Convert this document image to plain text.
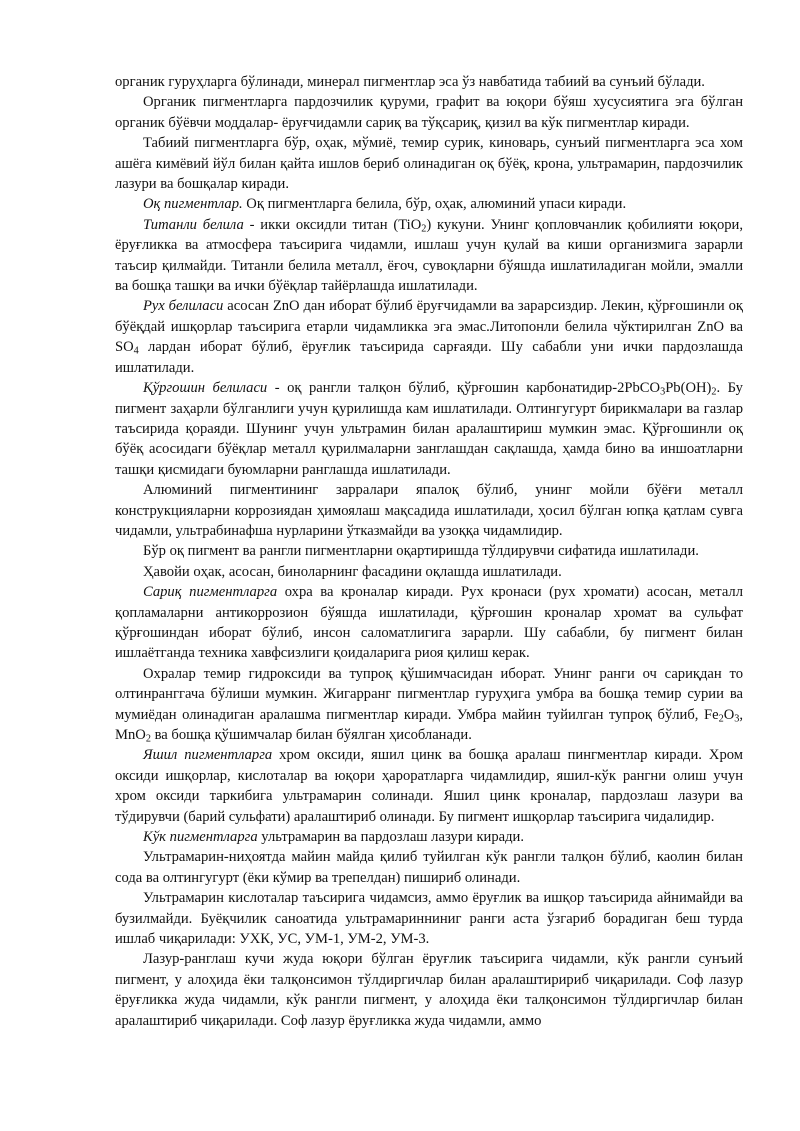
органик гуруҳларга бўлинади, минерал пигментлар эса ўз навбатида табиий ва сунъий бўлади.

Органик пигментларга пардозчилик қуруми, графит ва юқори бўяш хусусиятига эга бўлган органик бўёвчи моддалар- ёруғчидамли сариқ ва тўқсариқ, қизил ва кўк пигментлар киради.

Табиий пигментларга бўр, оҳак, мўмиё, темир сурик, киноварь, сунъий пигментларга эса хом ашёга кимёвий йўл билан қайта ишлов бериб олинадиган оқ бўёқ, крона, ультрамарин, пардозчилик лазури ва бошқалар киради.

Оқ пигментлар. Оқ пигментларга белила, бўр, оҳак, алюминий упаси киради.

Титанли белила - икки оксидли титан (TiO$_2$) кукуни. Унинг қопловчанлик қобилияти юқори, ёруғликка ва атмосфера таъсирига чидамли, ишлаш учун қулай ва киши организмига зарарли таъсир қилмайди. Титанли белила металл, ёғоч, сувоқларни бўяшда ишлатиладиган мойли, эмалли ва бошқа ташқи ва ички бўёқлар тайёрлашда ишлатилади.

Рух белиласи асосан ZnO дан иборат бўлиб ёруғчидамли ва зарарсиздир. Лекин, қўрғошинли оқ бўёқдай ишқорлар таъсирига етарли чидамликка эга эмас.Литопонли белила чўктирилган ZnO ва $SO_4$ лардан иборат бўлиб, ёруғлик таъсирида сарғаяди. Шу сабабли уни ички пардозлашда ишлатилади.

Қўргошин белиласи - оқ рангли талқон бўлиб, қўрғошин карбонатидир-$2PbCO_3Pb(OH)_2$. Бу пигмент заҳарли бўлганлиги учун қурилишда кам ишлатилади. Олтингугурт бирикмалари ва газлар таъсирида қораяди. Шунинг учун ультрамин билан аралаштириш мумкин эмас. Қўрғошинли оқ бўёқ асосидаги бўёқлар металл қурилмаларни занглашдан сақлашда, ҳамда бино ва иншоатларни ташқи қисмидаги буюмларни ранглашда ишлатилади.

Алюминий пигментининг зарралари япалоқ бўлиб, унинг мойли бўёғи металл конструкцияларни коррозиядан ҳимоялаш мақсадида ишлатилади, ҳосил бўлган юпқа қатлам сувга чидамли, ультрабинафша нурларини ўтказмайди ва узоққа чидамлидир.

Бўр оқ пигмент ва рангли пигментларни оқартиришда тўлдирувчи сифатида ишлатилади.

Ҳавойи оҳак, асосан, биноларнинг фасадини оқлашда ишлатилади.

Сариқ пигментларга охра ва кроналар киради. Рух кронаси (рух хромати) асосан, металл қопламаларни антикоррозион бўяшда ишлатилади, қўрғошин кроналар хромат ва сульфат қўрғошиндан иборат бўлиб, инсон саломатлигига зарарли. Шу сабабли, бу пигмент билан ишлаётганда техника хавфсизлиги қоидаларига риоя қилиш керак.

Охралар темир гидроксиди ва тупроқ қўшимчасидан иборат. Унинг ранги оч сариқдан то олтинранггача бўлиши мумкин. Жигарранг пигментлар гуруҳига умбра ва бошқа темир сурии ва мумиёдан олинадиган аралашма пигментлар киради. Умбра майин туйилган тупроқ бўлиб, $Fe_2O_3$, MnO$_2$ ва бошқа қўшимчалар билан бўялган ҳисобланади.

Яшил пигментларга хром оксиди, яшил цинк ва бошқа аралаш пингментлар киради. Хром оксиди ишқорлар, кислоталар ва юқори ҳароратларга чидамлидир, яшил-кўк рангни олиш учун хром оксиди таркибига ультрамарин солинади. Яшил цинк кроналар, пардозлаш лазури ва тўдирувчи (барий сульфати) аралаштириб олинади. Бу пигмент ишқорлар таъсирига чидалидир.

Кўк пигментларга ультрамарин ва пардозлаш лазури киради.

Ультрамарин-ниҳоятда майин майда қилиб туйилган кўк рангли талқон бўлиб, каолин билан сода ва олтингугурт (ёки кўмир ва трепелдан) пишириб олинади.

Ультрамарин кислоталар таъсирига чидамсиз, аммо ёруғлик ва ишқор таъсирида айнимайди ва бузилмайди. Буёқчилик саноатида ультрамаринниниг ранги аста ўзгариб борадиган беш турда ишлаб чиқарилади: УХК, УС, УМ-1, УМ-2, УМ-3.

Лазур-ранглаш кучи жуда юқори бўлган ёруғлик таъсирига чидамли, кўк рангли сунъий пигмент, у алоҳида ёки талқонсимон тўлдиргичлар билан аралаштиририб чиқарилади. Соф лазур ёруғликка жуда чидамли, кўк рангли пигмент, у алоҳида ёки талқонсимон тўлдиргичлар билан аралаштириб чиқарилади. Соф лазур ёруғликка жуда чидамли, аммо
